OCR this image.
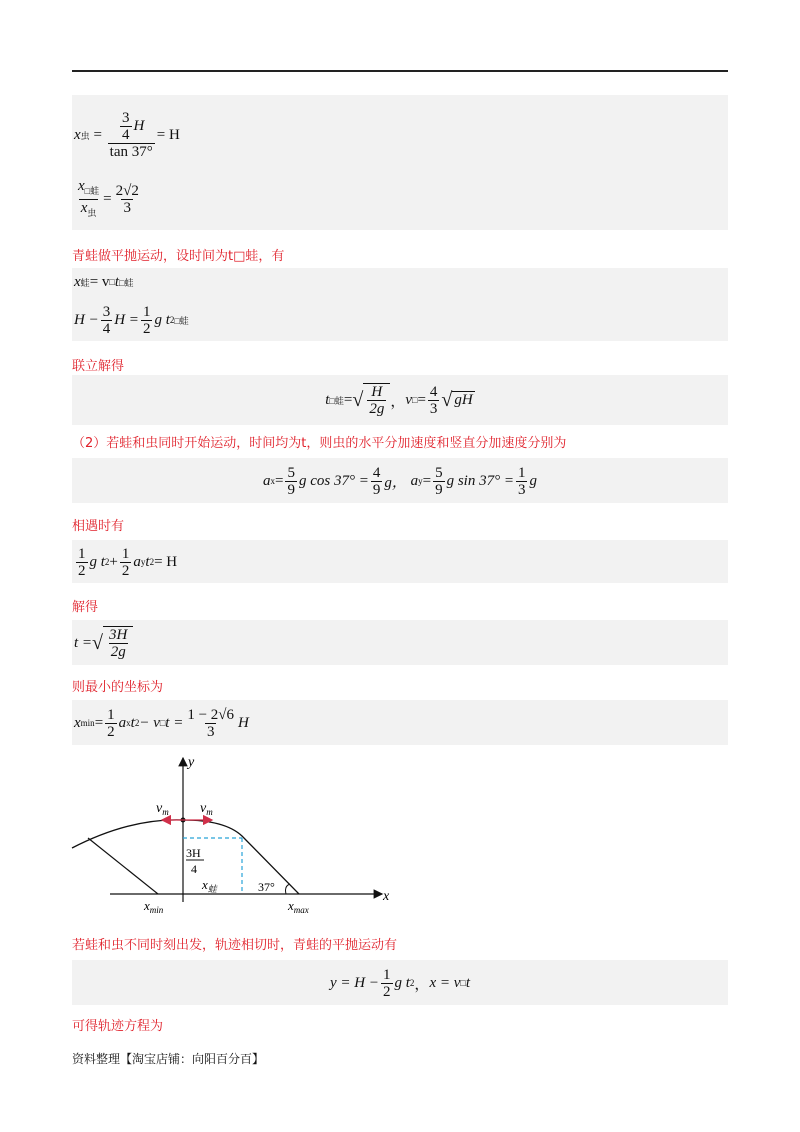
x 虫 = $\frac{\frac{3}{4} H}{\tan 37^\circ} = H$
$\frac{x_{□蛙}}{x_虫} = \frac{2√2}{3}$
青蛙做平抛运动，设时间为t□蛙，有
x 蛙 = v □ t □蛙
$H - \frac{3}{4}$ $H = \frac{1}{2}$ g t 2 □蛙
联立解得
t □蛙 = √ $\frac{H}{2g}$ ， v □ = $\frac{4}{3}$ √ gH
（2）若蛙和虫同时开始运动，时间均为t，则虫的水平分加速度和竖直分加速度分别为
a $x = \frac{5}{9}$ g $\cos 37^\circ = \frac{4}{9}$ g，
a $y = \frac{5}{9}$ g $\sin 37^\circ = \frac{1}{3}$ g
相遇时有
$\frac{1}{2}$ g t $2 + \frac{1}{2}$ a y t 2 = H
解得
t = √ $\frac{3H}{2g}$
则最小的坐标为
x $\min = \frac{1}{2}$ a x t 2 − v □ $t = \frac{1 - 2√6}{3}$ H
y
x
$v_m$ $v_m$
3H
4
$x_蛙$	37°
$x_{min}$	$x_{max}$
若蛙和虫不同时刻出发，轨迹相切时，青蛙的平抛运动有
$y = H - \frac{1}{2}$ g t 2 ， x = v □ t
可得轨迹方程为
资料整理【淘宝店铺：向阳百分百】
